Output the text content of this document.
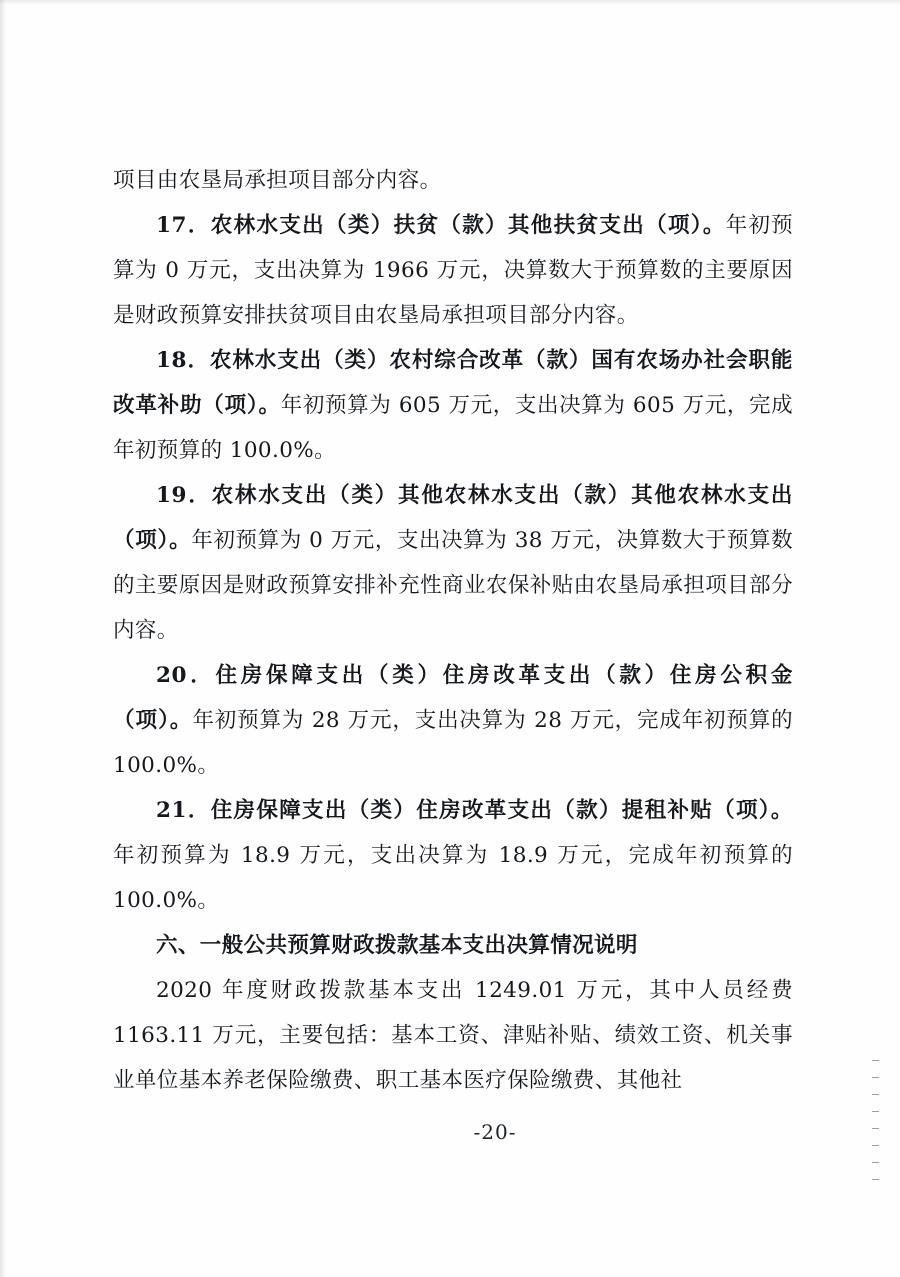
项目由农垦局承担项目部分内容。

17．农林水支出（类）扶贫（款）其他扶贫支出（项）。年初预算为 0 万元，支出决算为 1966 万元，决算数大于预算数的主要原因是财政预算安排扶贫项目由农垦局承担项目部分内容。

18．农林水支出（类）农村综合改革（款）国有农场办社会职能改革补助（项）。年初预算为 605 万元，支出决算为 605 万元，完成年初预算的 100.0%。

19．农林水支出（类）其他农林水支出（款）其他农林水支出（项）。年初预算为 0 万元，支出决算为 38 万元，决算数大于预算数的主要原因是财政预算安排补充性商业农保补贴由农垦局承担项目部分内容。

20．住房保障支出（类）住房改革支出（款）住房公积金（项）。年初预算为 28 万元，支出决算为 28 万元，完成年初预算的 100.0%。

21．住房保障支出（类）住房改革支出（款）提租补贴（项）。年初预算为 18.9 万元，支出决算为 18.9 万元，完成年初预算的 100.0%。

六、一般公共预算财政拨款基本支出决算情况说明

2020 年度财政拨款基本支出 1249.01 万元，其中人员经费 1163.11 万元，主要包括：基本工资、津贴补贴、绩效工资、机关事业单位基本养老保险缴费、职工基本医疗保险缴费、其他社

-20-
